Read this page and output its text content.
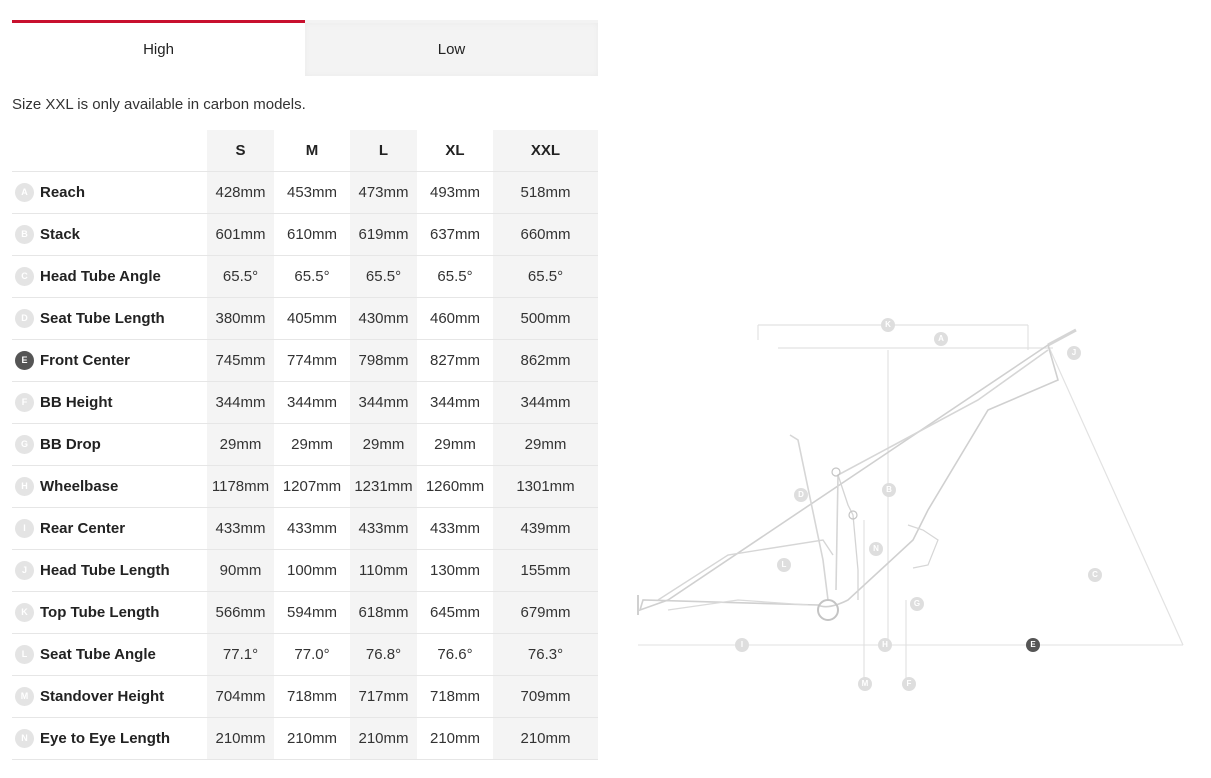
High	Low
Size XXL is only available in carbon models.
	S	M	L	XL	XXL
A Reach	428mm	453mm	473mm	493mm	518mm
B Stack	601mm	610mm	619mm	637mm	660mm
C Head Tube Angle	65.5°	65.5°	65.5°	65.5°	65.5°
D Seat Tube Length	380mm	405mm	430mm	460mm	500mm
E Front Center	745mm	774mm	798mm	827mm	862mm
F BB Height	344mm	344mm	344mm	344mm	344mm
G BB Drop	29mm	29mm	29mm	29mm	29mm
H Wheelbase	1178mm	1207mm	1231mm	1260mm	1301mm
I Rear Center	433mm	433mm	433mm	433mm	439mm
J Head Tube Length	90mm	100mm	110mm	130mm	155mm
K Top Tube Length	566mm	594mm	618mm	645mm	679mm
L Seat Tube Angle	77.1°	77.0°	76.8°	76.6°	76.3°
M Standover Height	704mm	718mm	717mm	718mm	709mm
N Eye to Eye Length	210mm	210mm	210mm	210mm	210mm
K
A
J
B
D
N
L
C
G
I	H	E
M	F
